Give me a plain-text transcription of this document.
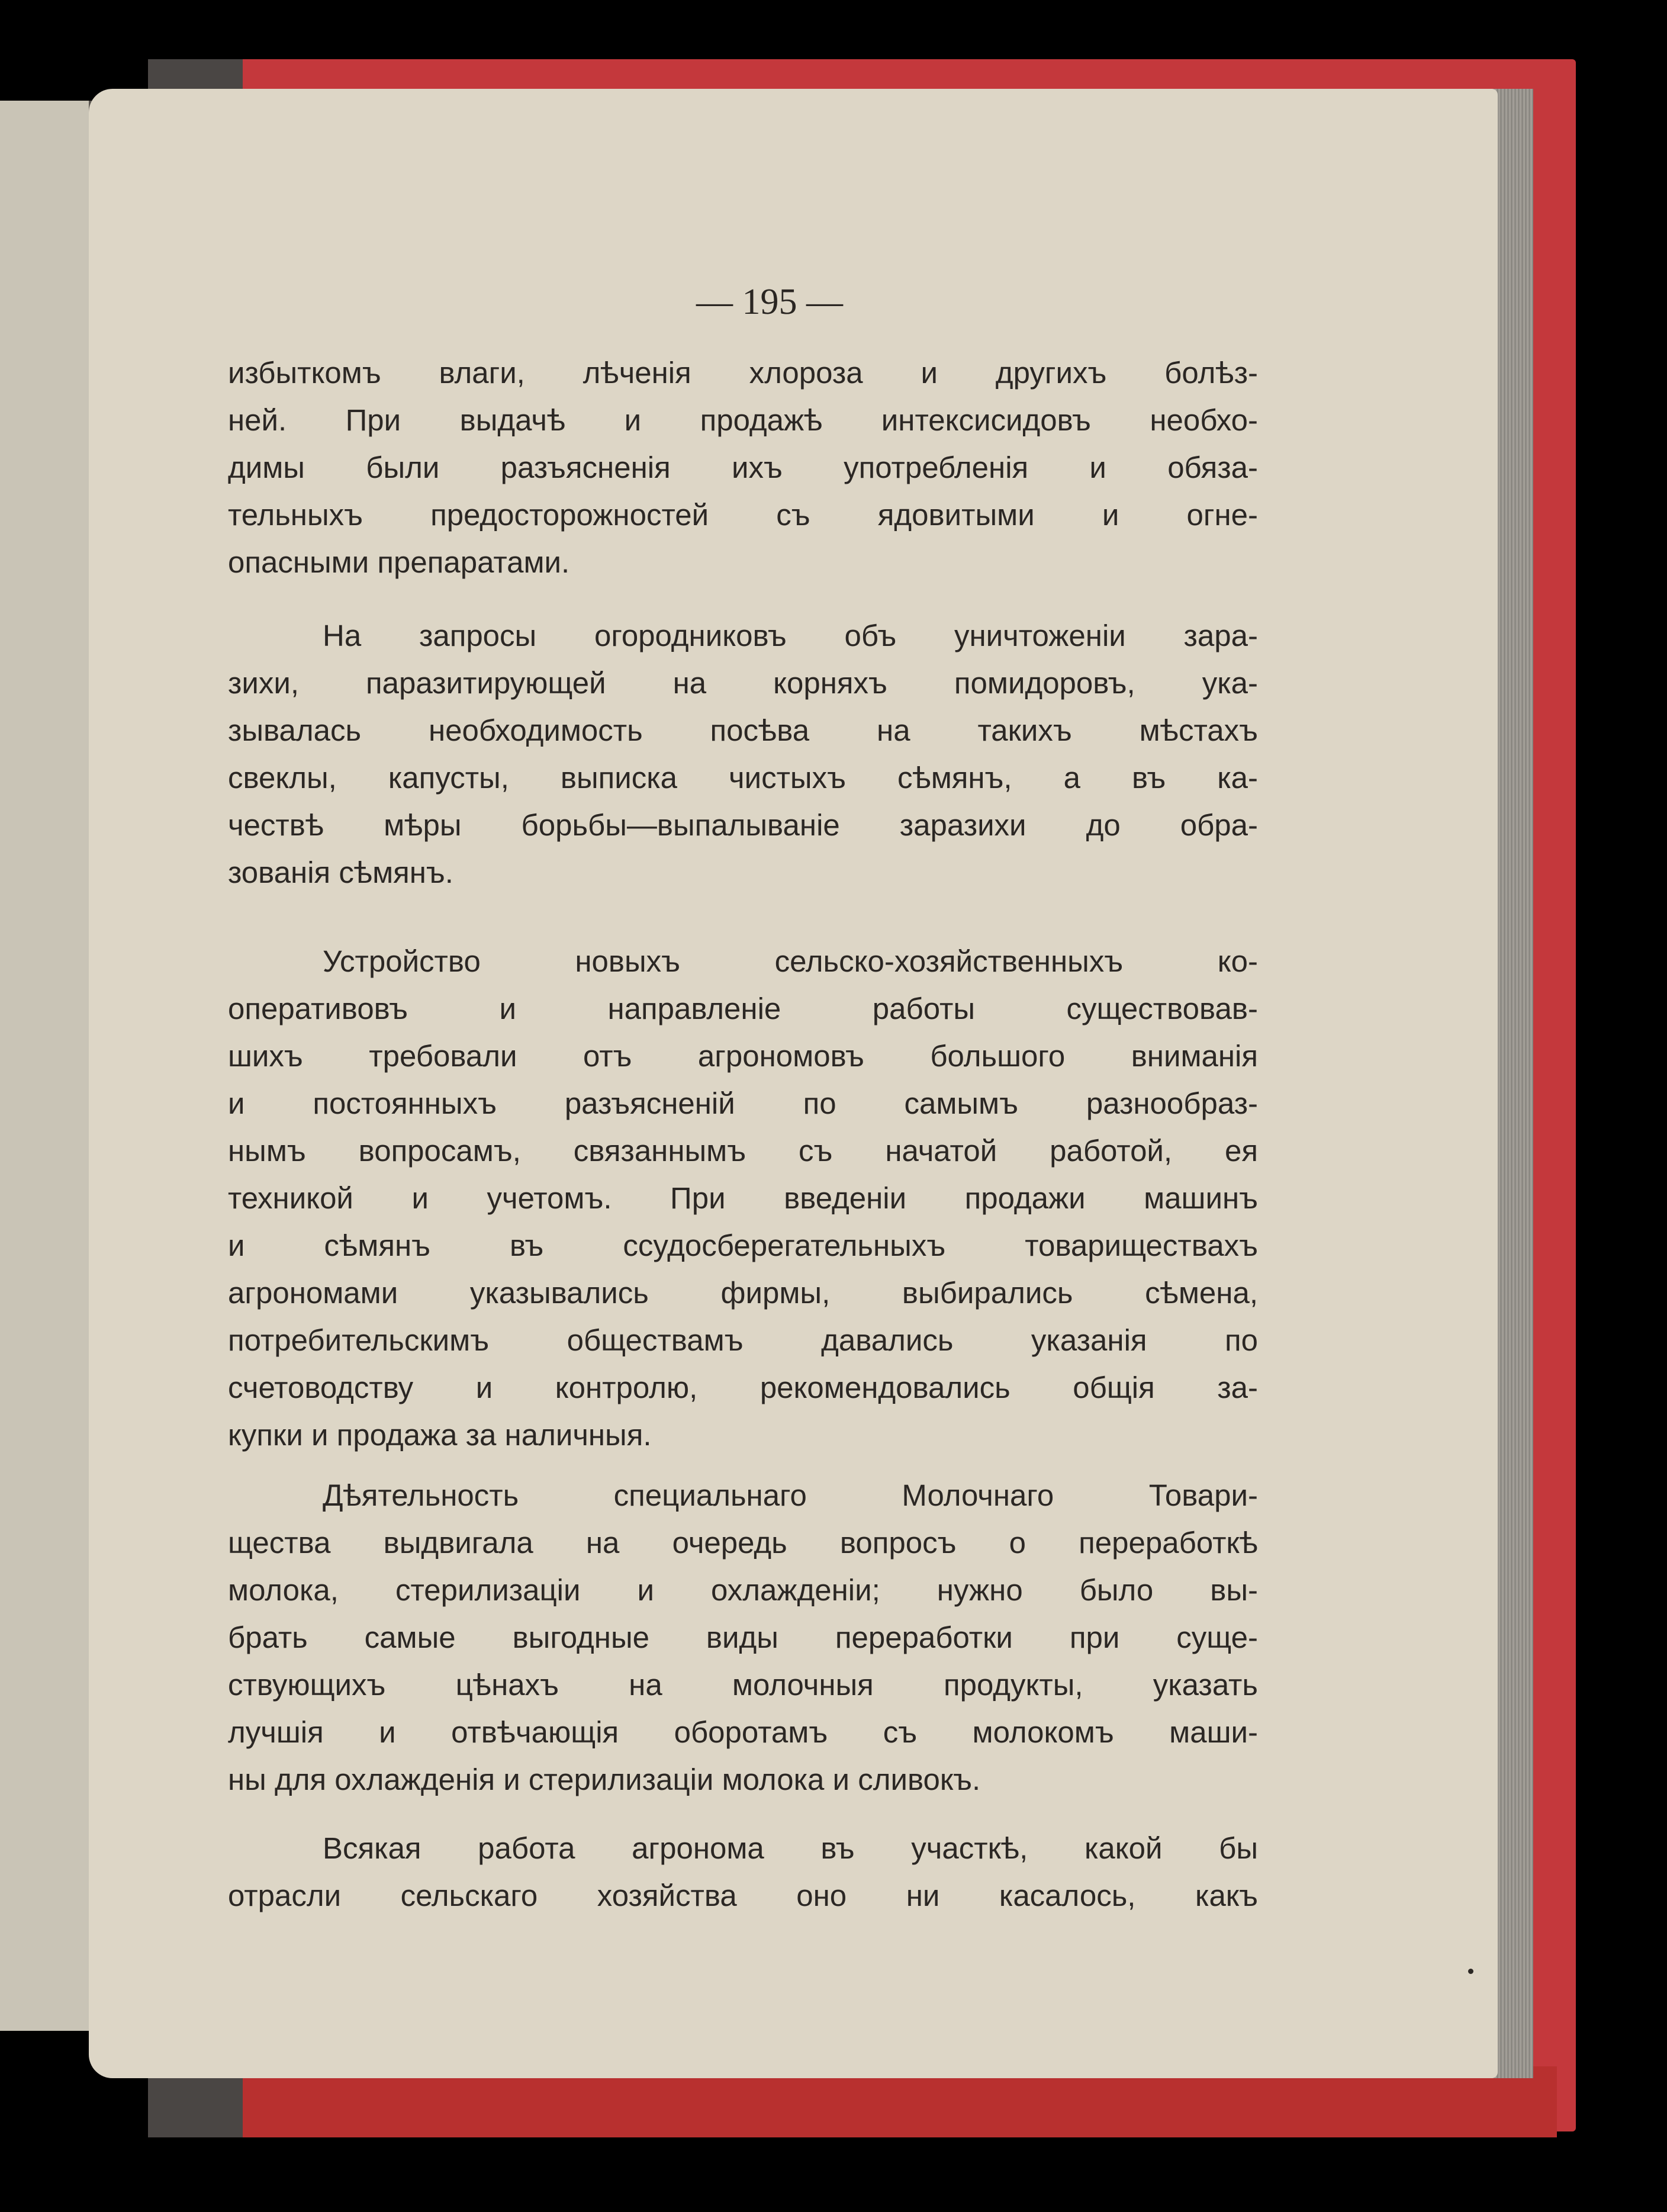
— 195 —
избыткомъ влаги, лѣченія хлороза и другихъ болѣз-
ней. При выдачѣ и продажѣ интексисидовъ необхо-
димы были разъясненія ихъ употребленія и обяза-
тельныхъ предосторожностей съ ядовитыми и огне-
опасными препаратами.
На запросы огородниковъ объ уничтоженіи зара-
зихи, паразитирующей на корняхъ помидоровъ, ука-
зывалась необходимость посѣва на такихъ мѣстахъ
свеклы, капусты, выписка чистыхъ сѣмянъ, а въ ка-
чествѣ мѣры борьбы—выпалываніе заразихи до обра-
зованія сѣмянъ.
Устройство новыхъ сельско-хозяйственныхъ ко-
оперативовъ и направленіе работы существовав-
шихъ требовали отъ агрономовъ большого вниманія
и постоянныхъ разъясненій по самымъ разнообраз-
нымъ вопросамъ, связаннымъ съ начатой работой, ея
техникой и учетомъ. При введеніи продажи машинъ
и сѣмянъ въ ссудосберегательныхъ товариществахъ
агрономами указывались фирмы, выбирались сѣмена,
потребительскимъ обществамъ давались указанія по
счетоводству и контролю, рекомендовались общія за-
купки и продажа за наличныя.
Дѣятельность специальнаго Молочнаго Товари-
щества выдвигала на очередь вопросъ о переработкѣ
молока, стерилизаціи и охлажденіи; нужно было вы-
брать самые выгодные виды переработки при суще-
ствующихъ цѣнахъ на молочныя продукты, указать
лучшія и отвѣчающія оборотамъ съ молокомъ маши-
ны для охлажденія и стерилизаціи молока и сливокъ.
Всякая работа агронома въ участкѣ, какой бы
отрасли сельскаго хозяйства оно ни касалось, какъ
